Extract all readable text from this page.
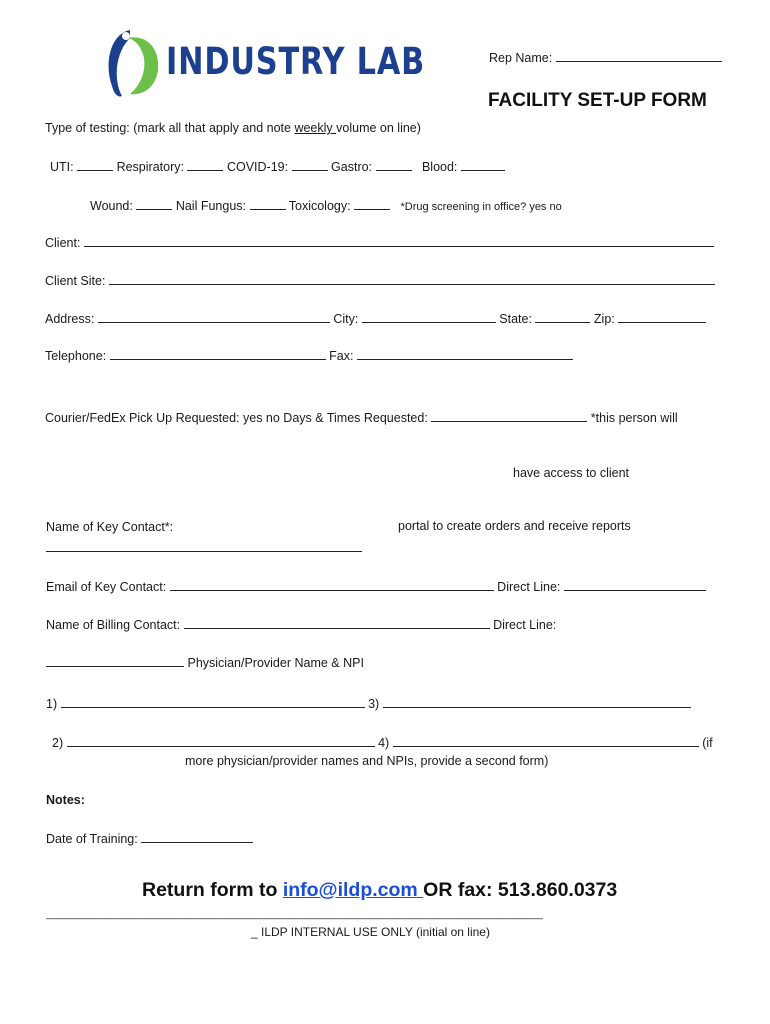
INDUSTRY LAB	Rep Name:
FACILITY SET-UP FORM
Type of testing: (mark all that apply and note weekly volume on line)
UTI:	Respiratory:	COVID-19:	Gastro:	Blood:
Wound:	Nail Fungus:	Toxicology:	*Drug screening in office? yes no
Client:
Client Site:
Address:	City:	State:	Zip:
Telephone:	Fax:
Courier/FedEx Pick Up Requested: yes no Days & Times Requested:	*this person will
have access to client
Name of Key Contact*:	portal to create orders and receive reports
Email of Key Contact:	Direct Line:
Name of Billing Contact:	Direct Line:
Physician/Provider Name & NPI
1)	3)
2)	4)	(if
more physician/provider names and NPIs, provide a second form)
Notes:
Date of Training:
Return form to info@ildp.com OR fax: 513.860.0373
____________________________________________________________________________________________________
_ ILDP INTERNAL USE ONLY (initial on line)
